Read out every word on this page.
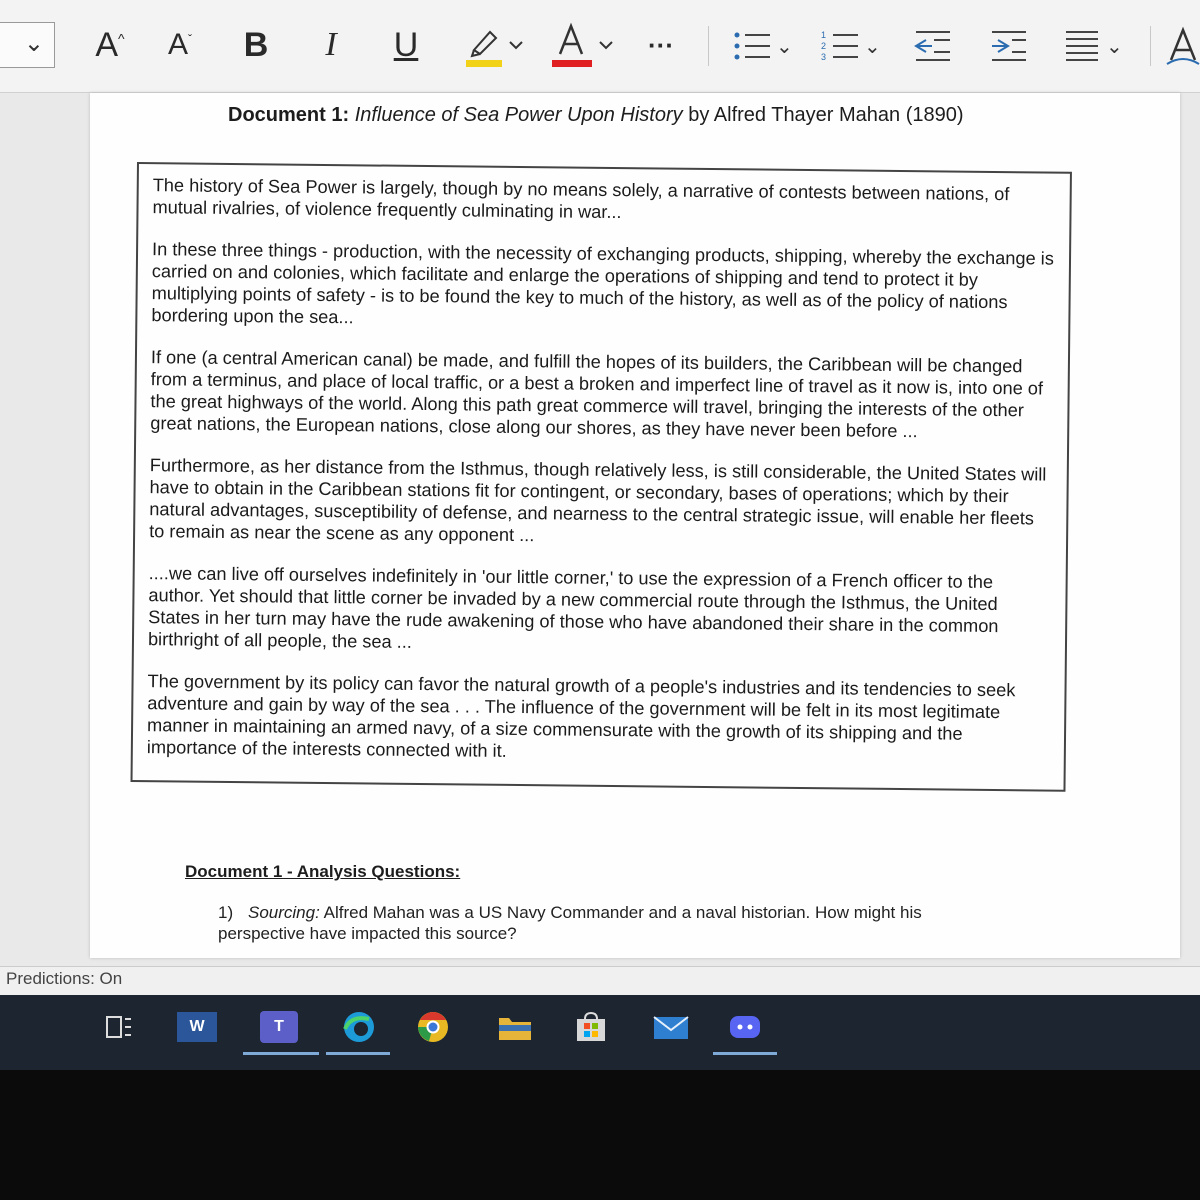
⌄ A^ $A^ˇ$ B I U	···	⌄
1
2
3 ⌄	⌄
Document 1: Influence of Sea Power Upon History by Alfred Thayer Mahan (1890)

The history of Sea Power is largely, though by no means solely, a narrative of contests between nations, of mutual rivalries, of violence frequently culminating in war...

In these three things - production, with the necessity of exchanging products, shipping, whereby the exchange is carried on and colonies, which facilitate and enlarge the operations of shipping and tend to protect it by multiplying points of safety - is to be found the key to much of the history, as well as of the policy of nations bordering upon the sea...

If one (a central American canal) be made, and fulfill the hopes of its builders, the Caribbean will be changed from a terminus, and place of local traffic, or a best a broken and imperfect line of travel as it now is, into one of the great highways of the world. Along this path great commerce will travel, bringing the interests of the other great nations, the European nations, close along our shores, as they have never been before ...

Furthermore, as her distance from the Isthmus, though relatively less, is still considerable, the United States will have to obtain in the Caribbean stations fit for contingent, or secondary, bases of operations; which by their natural advantages, susceptibility of defense, and nearness to the central strategic issue, will enable her fleets to remain as near the scene as any opponent ...

....we can live off ourselves indefinitely in 'our little corner,' to use the expression of a French officer to the author. Yet should that little corner be invaded by a new commercial route through the Isthmus, the United States in her turn may have the rude awakening of those who have abandoned their share in the common birthright of all people, the sea ...

The government by its policy can favor the natural growth of a people's industries and its tendencies to seek adventure and gain by way of the sea . . . The influence of the government will be felt in its most legitimate manner in maintaining an armed navy, of a size commensurate with the growth of its shipping and the importance of the interests connected with it.

Document 1 - Analysis Questions:
1) Sourcing: Alfred Mahan was a US Navy Commander and a naval historian. How might his perspective have impacted this source?
Predictions: On
W	T
